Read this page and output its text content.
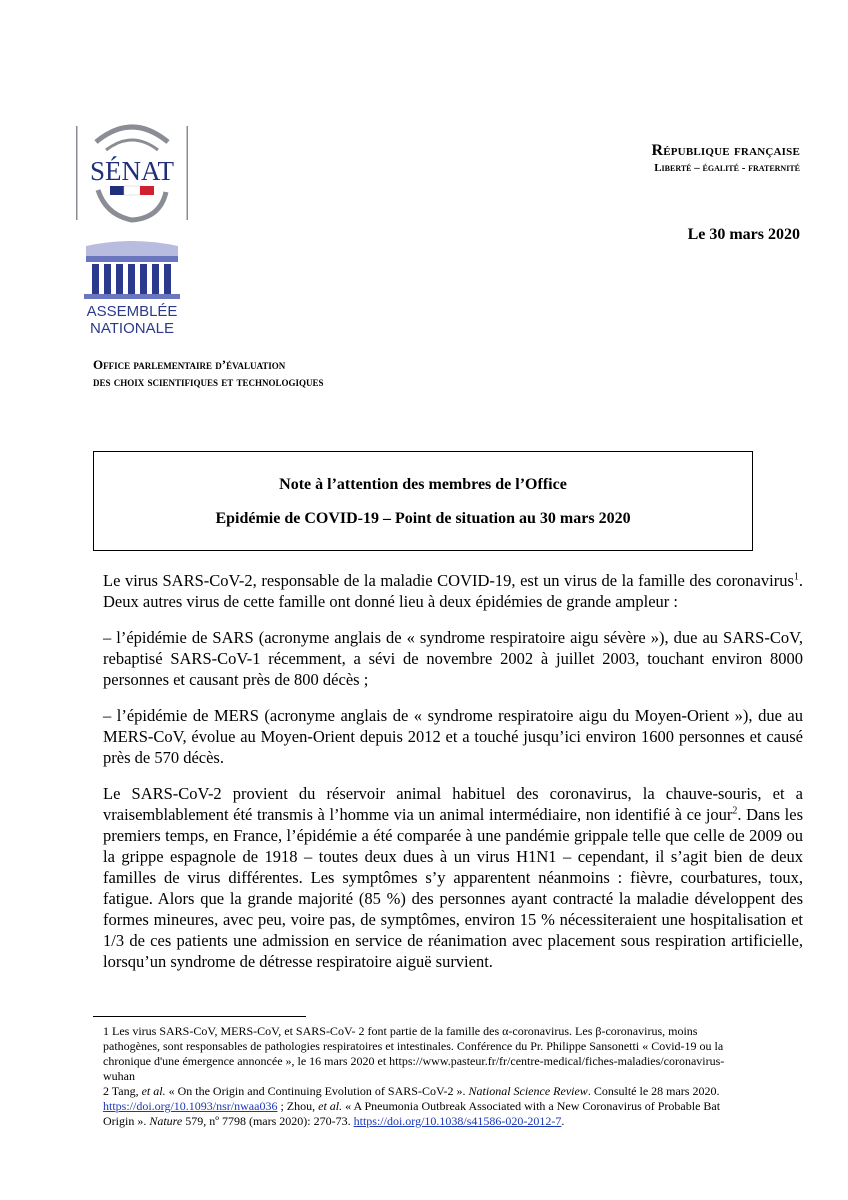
SÉNAT
ASSEMBLÉE
NATIONALE
République française
Liberté – égalité - fraternité
Le 30 mars 2020
Office parlementaire d’évaluation
des choix scientifiques et technologiques
Note à l’attention des membres de l’Office
Epidémie de COVID-19 – Point de situation au 30 mars 2020

Le virus SARS-CoV-2, responsable de la maladie COVID-19, est un virus de la famille des coronavirus$^1$. Deux autres virus de cette famille ont donné lieu à deux épidémies de grande ampleur :

– l’épidémie de SARS (acronyme anglais de « syndrome respiratoire aigu sévère »), due au SARS-CoV, rebaptisé SARS-CoV-1 récemment, a sévi de novembre 2002 à juillet 2003, touchant environ 8000 personnes et causant près de 800 décès ;

– l’épidémie de MERS (acronyme anglais de « syndrome respiratoire aigu du Moyen-Orient »), due au MERS-CoV, évolue au Moyen-Orient depuis 2012 et a touché jusqu’ici environ 1600 personnes et causé près de 570 décès.

Le SARS-CoV-2 provient du réservoir animal habituel des coronavirus, la chauve-souris, et a vraisemblablement été transmis à l’homme via un animal intermédiaire, non identifié à ce jour$^2$. Dans les premiers temps, en France, l’épidémie a été comparée à une pandémie grippale telle que celle de 2009 ou la grippe espagnole de 1918 – toutes deux dues à un virus H1N1 – cependant, il s’agit bien de deux familles de virus différentes. Les symptômes s’y apparentent néanmoins : fièvre, courbatures, toux, fatigue. Alors que la grande majorité (85 %) des personnes ayant contracté la maladie développent des formes mineures, avec peu, voire pas, de symptômes, environ 15 % nécessiteraient une hospitalisation et 1/3 de ces patients une admission en service de réanimation avec placement sous respiration artificielle, lorsqu’un syndrome de détresse respiratoire aiguë survient.

1 Les virus SARS-CoV, MERS-CoV, et SARS-CoV- 2 font partie de la famille des α-coronavirus. Les β-coronavirus, moins pathogènes, sont responsables de pathologies respiratoires et intestinales. Conférence du Pr. Philippe Sansonetti « Covid-19 ou la chronique d'une émergence annoncée », le 16 mars 2020 et https://www.pasteur.fr/fr/centre-medical/fiches-maladies/coronavirus-wuhan

2 Tang, et al. « On the Origin and Continuing Evolution of SARS-CoV-2 ». National Science Review. Consulté le 28 mars 2020. https://doi.org/10.1093/nsr/nwaa036 ; Zhou, et al. « A Pneumonia Outbreak Associated with a New Coronavirus of Probable Bat Origin ». Nature 579, nº 7798 (mars 2020): 270-73. https://doi.org/10.1038/s41586-020-2012-7.
